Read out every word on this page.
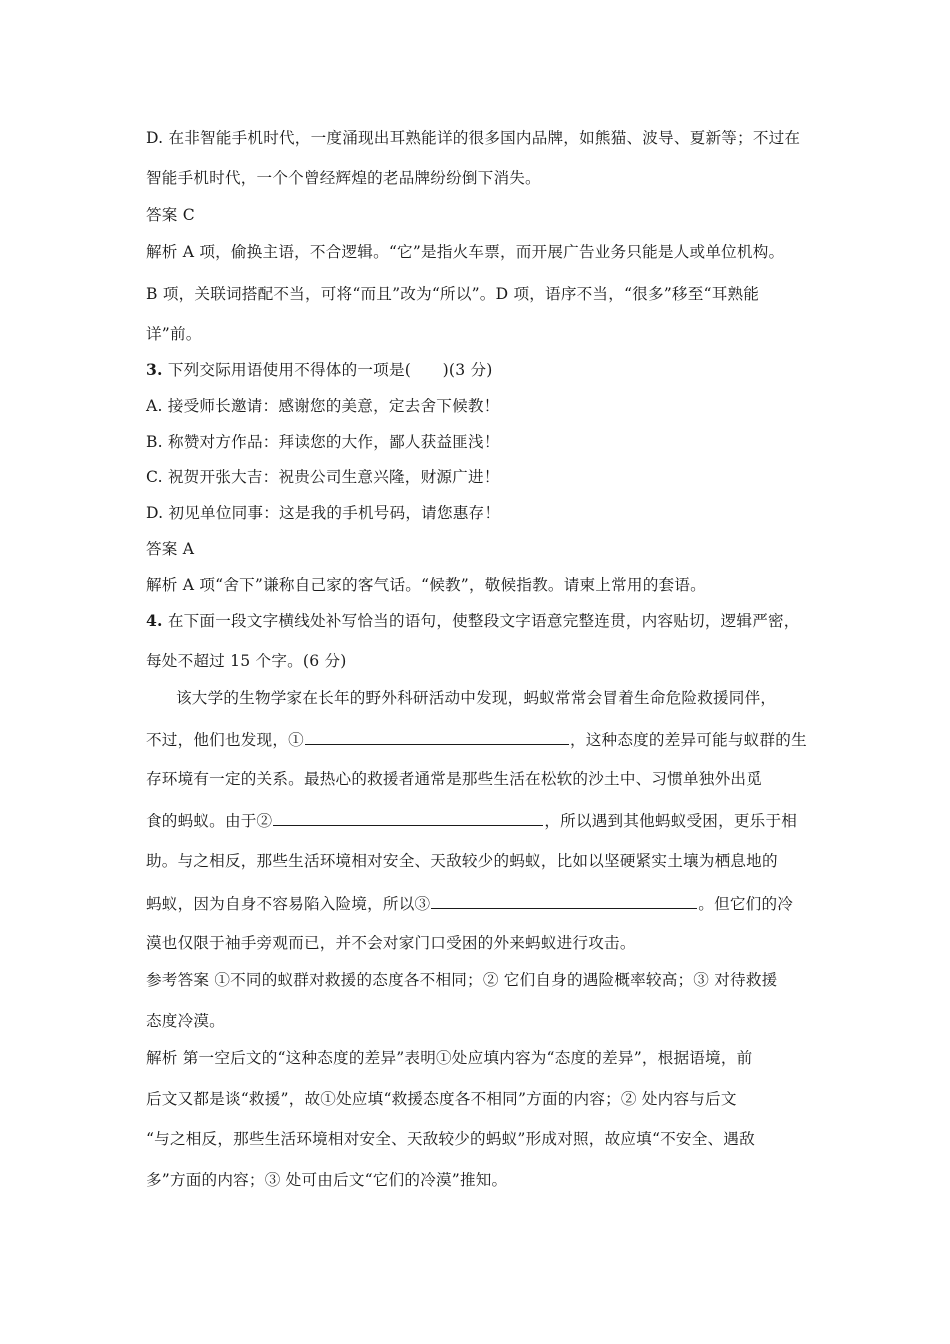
D. 在非智能手机时代，一度涌现出耳熟能详的很多国内品牌，如熊猫、波导、夏新等；不过在
智能手机时代，一个个曾经辉煌的老品牌纷纷倒下消失。
答案 C
解析 A 项，偷换主语，不合逻辑。“它”是指火车票，而开展广告业务只能是人或单位机构。
B 项，关联词搭配不当，可将“而且”改为“所以”。D 项，语序不当，“很多”移至“耳熟能
详”前。
3. 下列交际用语使用不得体的一项是(　　)(3 分)
A. 接受师长邀请：感谢您的美意，定去舍下候教！
B. 称赞对方作品：拜读您的大作，鄙人获益匪浅！
C. 祝贺开张大吉：祝贵公司生意兴隆，财源广进！
D. 初见单位同事：这是我的手机号码，请您惠存！
答案 A
解析 A 项“舍下”谦称自己家的客气话。“候教”，敬候指教。请柬上常用的套语。
4. 在下面一段文字横线处补写恰当的语句，使整段文字语意完整连贯，内容贴切，逻辑严密，
每处不超过 15 个字。(6 分)
该大学的生物学家在长年的野外科研活动中发现，蚂蚁常常会冒着生命危险救援同伴，
不过，他们也发现，①	，这种态度的差异可能与蚁群的生
存环境有一定的关系。最热心的救援者通常是那些生活在松软的沙土中、习惯单独外出觅
食的蚂蚁。由于②	，所以遇到其他蚂蚁受困，更乐于相
助。与之相反，那些生活环境相对安全、天敌较少的蚂蚁，比如以坚硬紧实土壤为栖息地的
蚂蚁，因为自身不容易陷入险境，所以③	。但它们的冷
漠也仅限于袖手旁观而已，并不会对家门口受困的外来蚂蚁进行攻击。
参考答案 ①不同的蚁群对救援的态度各不相同；② 它们自身的遇险概率较高；③ 对待救援
态度冷漠。
解析 第一空后文的“这种态度的差异”表明①处应填内容为“态度的差异”，根据语境，前
后文又都是谈“救援”，故①处应填“救援态度各不相同”方面的内容；② 处内容与后文
“与之相反，那些生活环境相对安全、天敌较少的蚂蚁”形成对照，故应填“不安全、遇敌
多”方面的内容；③ 处可由后文“它们的冷漠”推知。
